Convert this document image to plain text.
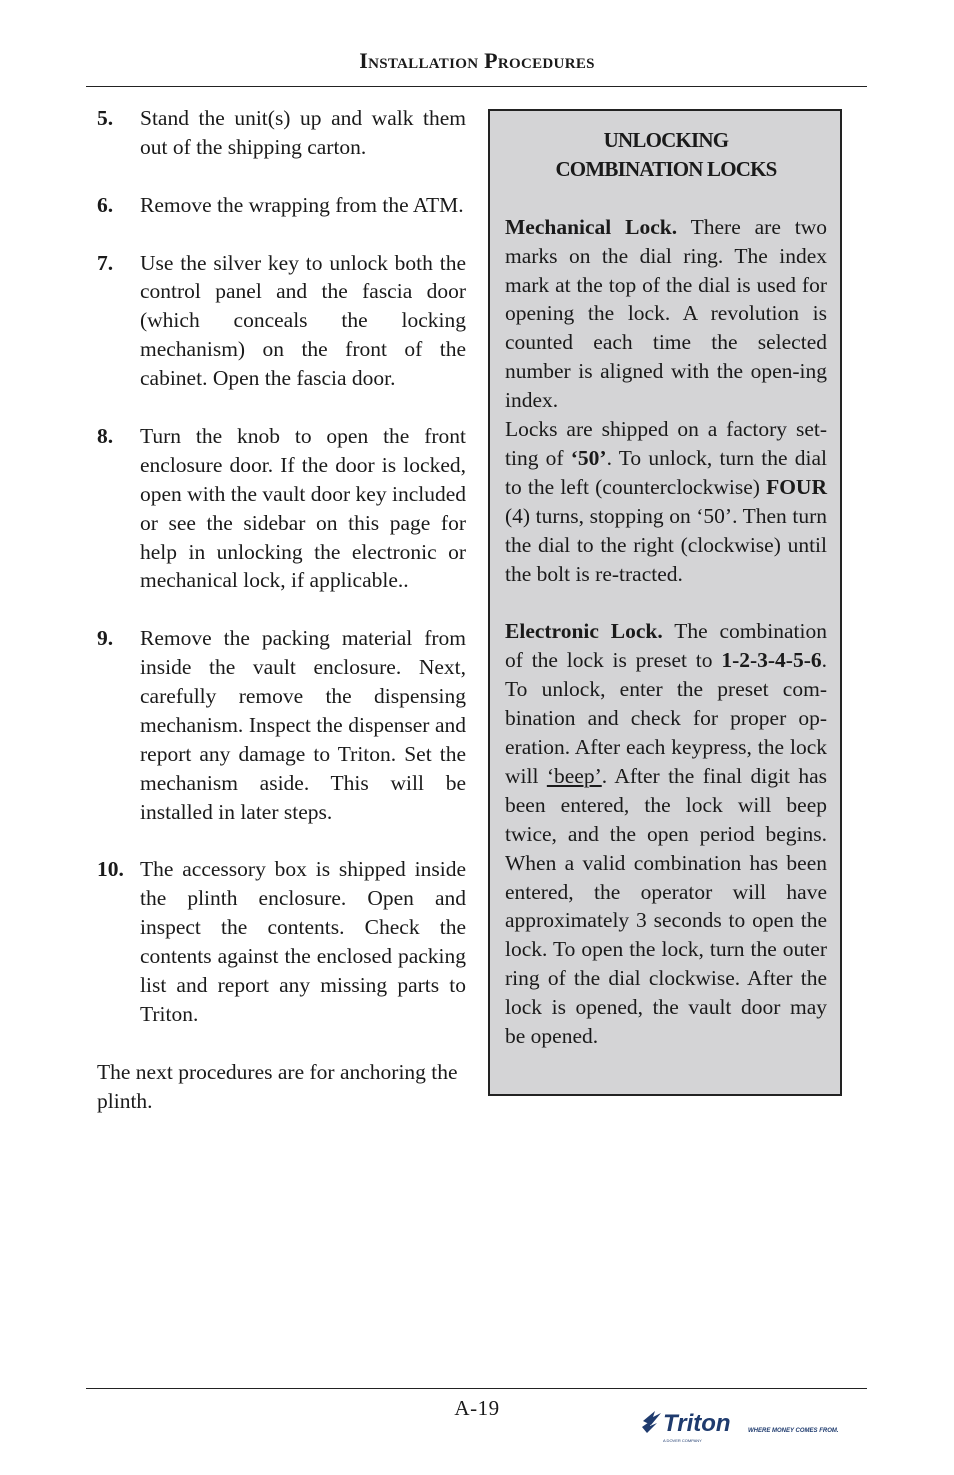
Installation Procedures
5.	Stand the unit(s) up and walk them out of the shipping carton.
6.	Remove the wrapping from the ATM.
7.	Use the silver key to unlock both the control panel and the fascia door (which conceals the locking mechanism) on the front of the cabinet. Open the fascia door.
8.	Turn the knob to open the front enclosure door. If the door is locked, open with the vault door key included or see the sidebar on this page for help in unlocking the electronic or mechanical lock, if applicable..
9.	Remove the packing material from inside the vault enclosure. Next, carefully remove the dispensing mechanism. Inspect the dispenser and report any damage to Triton. Set the mechanism aside. This will be installed in later steps.
10. The accessory box is shipped inside the plinth enclosure. Open and inspect the contents. Check the contents against the enclosed packing list and report any missing parts to Triton.
The next procedures are for anchoring the plinth.
UNLOCKING
COMBINATION LOCKS

Mechanical Lock. There are two marks on the dial ring. The index mark at the top of the dial is used for opening the lock. A revolution is counted each time the selected number is aligned with the open-ing index.

Locks are shipped on a factory set-ting of ‘50’. To unlock, turn the dial to the left (counterclockwise) FOUR (4) turns, stopping on ‘50’. Then turn the dial to the right (clockwise) until the bolt is re-tracted.

Electronic Lock. The combination of the lock is preset to 1-2-3-4-5-6. To unlock, enter the preset com-bination and check for proper op-eration. After each keypress, the lock will ‘beep’. After the final digit has been entered, the lock will beep twice, and the open period begins. When a valid combination has been entered, the operator will have approximately 3 seconds to open the lock. To open the lock, turn the outer ring of the dial clockwise. After the lock is opened, the vault door may be opened.

A-19
Triton	WHERE MONEY COMES FROM.
A DOVER COMPANY
